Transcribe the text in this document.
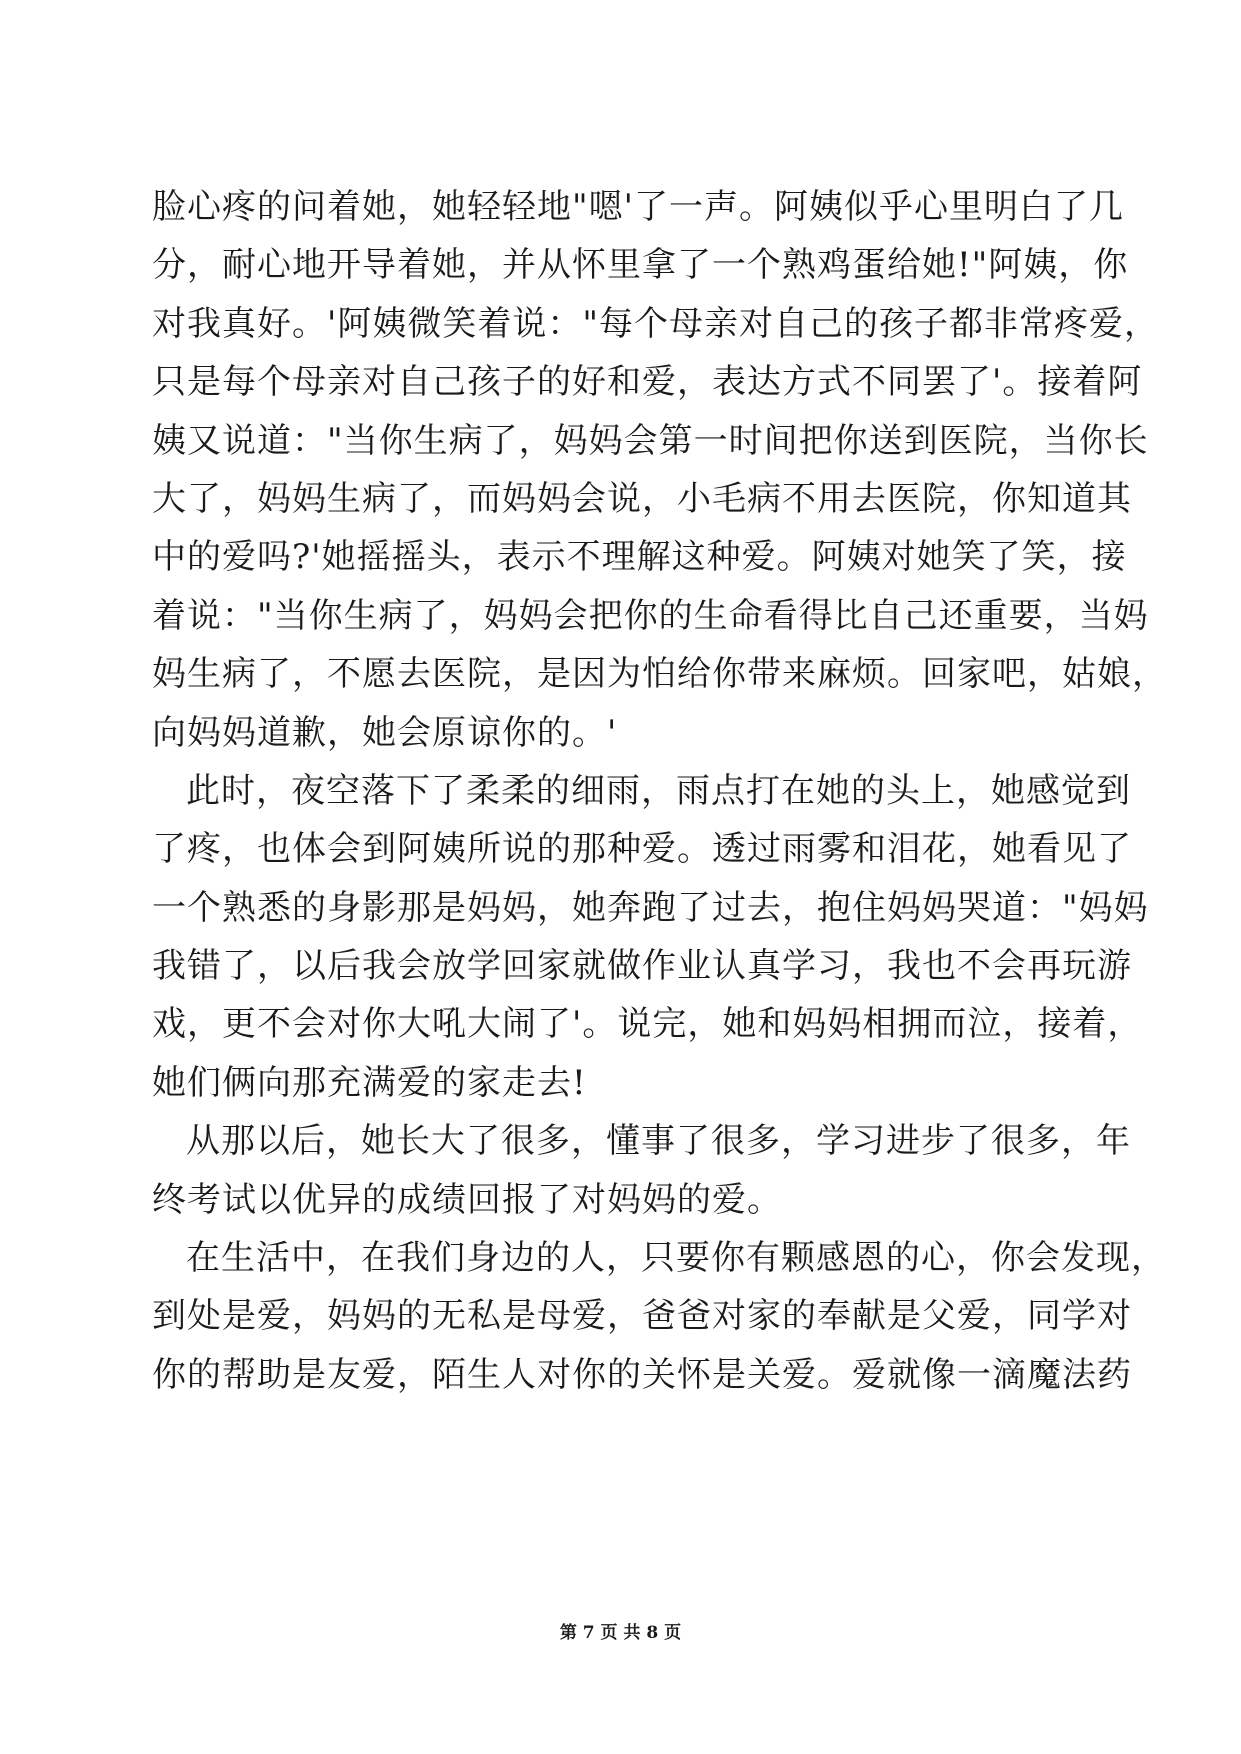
脸心疼的问着她，她轻轻地"嗯'了一声。阿姨似乎心里明白了几
分，耐心地开导着她，并从怀里拿了一个熟鸡蛋给她!"阿姨，你
对我真好。'阿姨微笑着说："每个母亲对自己的孩子都非常疼爱，
只是每个母亲对自己孩子的好和爱，表达方式不同罢了'。接着阿
姨又说道："当你生病了，妈妈会第一时间把你送到医院，当你长
大了，妈妈生病了，而妈妈会说，小毛病不用去医院，你知道其
中的爱吗?'她摇摇头，表示不理解这种爱。阿姨对她笑了笑，接
着说："当你生病了，妈妈会把你的生命看得比自己还重要，当妈
妈生病了，不愿去医院，是因为怕给你带来麻烦。回家吧，姑娘，
向妈妈道歉，她会原谅你的。'
此时，夜空落下了柔柔的细雨，雨点打在她的头上，她感觉到
了疼，也体会到阿姨所说的那种爱。透过雨雾和泪花，她看见了
一个熟悉的身影那是妈妈，她奔跑了过去，抱住妈妈哭道："妈妈
我错了，以后我会放学回家就做作业认真学习，我也不会再玩游
戏，更不会对你大吼大闹了'。说完，她和妈妈相拥而泣，接着，
她们俩向那充满爱的家走去!
从那以后，她长大了很多，懂事了很多，学习进步了很多，年
终考试以优异的成绩回报了对妈妈的爱。
在生活中，在我们身边的人，只要你有颗感恩的心，你会发现，
到处是爱，妈妈的无私是母爱，爸爸对家的奉献是父爱，同学对
你的帮助是友爱，陌生人对你的关怀是关爱。爱就像一滴魔法药
第 7 页 共 8 页
